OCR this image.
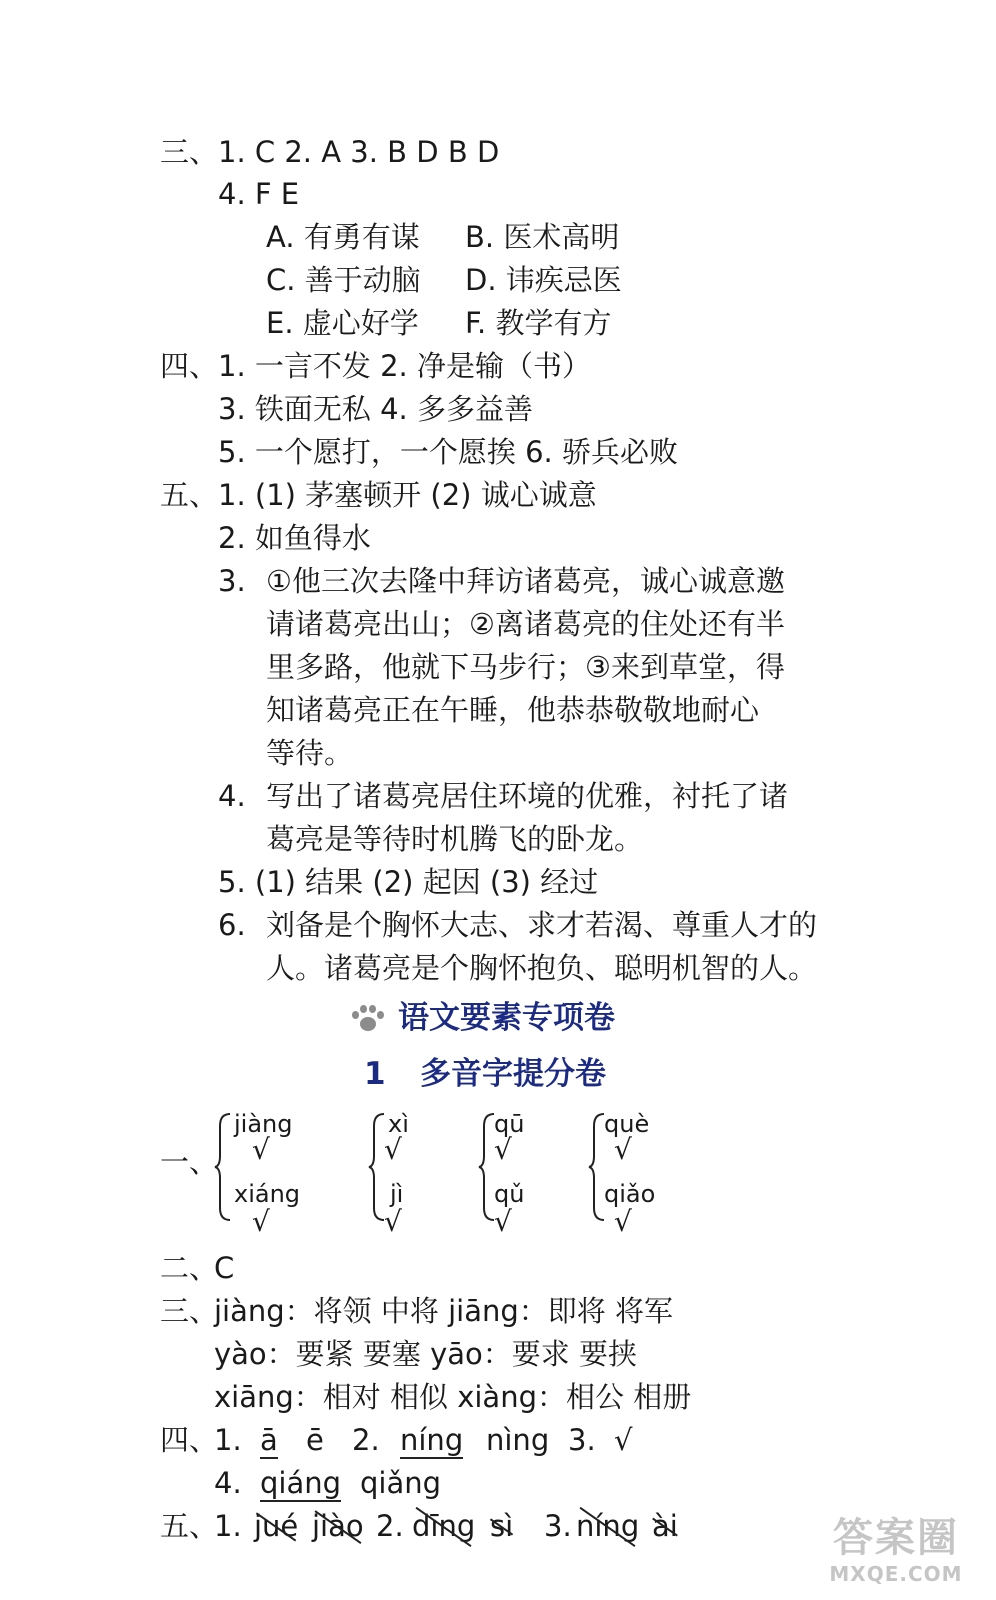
三、 1. C 2. A 3. B D B D
4. F E
A. 有勇有谋 B. 医术高明
C. 善于动脑 D. 讳疾忌医
E. 虚心好学 F. 教学有方
四、 1. 一言不发 2. 净是输（书）
3. 铁面无私 4. 多多益善
5. 一个愿打，一个愿挨 6. 骄兵必败
五、 1. (1) 茅塞顿开 (2) 诚心诚意
2. 如鱼得水
3. ①他三次去隆中拜访诸葛亮，诚心诚意邀
请诸葛亮出山；②离诸葛亮的住处还有半
里多路，他就下马步行；③来到草堂，得
知诸葛亮正在午睡，他恭恭敬敬地耐心
等待。
4. 写出了诸葛亮居住环境的优雅，衬托了诸
葛亮是等待时机腾飞的卧龙。
5. (1) 结果 (2) 起因 (3) 经过
6. 刘备是个胸怀大志、求才若渴、尊重人才的
人。诸葛亮是个胸怀抱负、聪明机智的人。
语文要素专项卷
1 多音字提分卷
一、
jiàng
√
xiáng
√
xì
√
jì
√
qū
√
qǔ
√
què
√
qiǎo
√
二、
C
三、
jiàng：将领 中将 jiāng：即将 将军
yào：要紧 要塞 yāo：要求 要挟
xiāng：相对 相似 xiàng：相公 相册
四、
1. ā ē 2. níng nìng 3. √
4. qiáng qiǎng
五、
1. jué jiào 2. dīng sì 3. níng ài	答案圈
MXQE.COM
